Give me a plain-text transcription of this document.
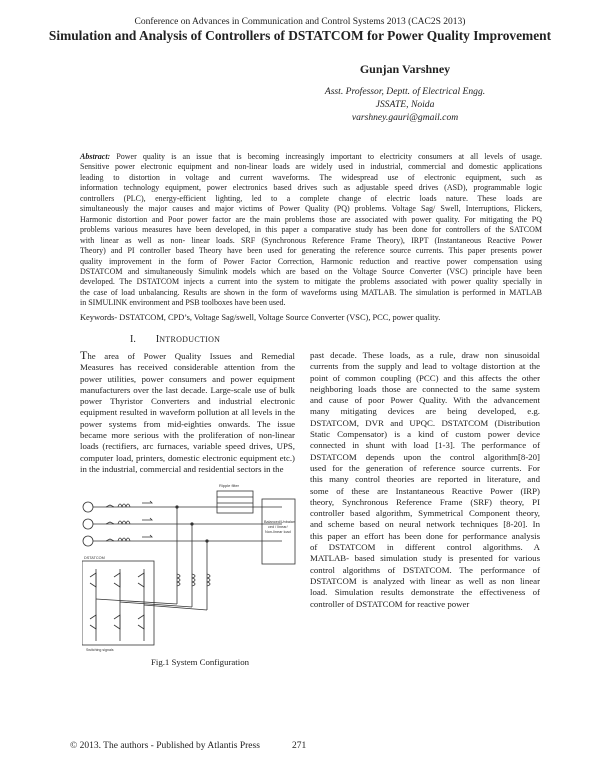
Conference on Advances in Communication and Control Systems 2013 (CAC2S 2013)
Simulation and Analysis of Controllers of DSTATCOM for Power Quality Improvement
Gunjan Varshney
Asst. Professor, Deptt. of Electrical Engg.
JSSATE, Noida
varshney.gauri@gmail.com
Abstract: Power quality is an issue that is becoming increasingly important to electricity consumers at all levels of usage.
Sensitive power electronic equipment and non-linear loads are widely used in industrial, commercial and domestic applications
leading to distortion in voltage and current waveforms. The widespread use of electronic equipment, such as
information technology equipment, power electronics based drives such as adjustable speed drives (ASD), programmable logic
controllers (PLC), energy-efficient lighting, led to a complete change of electric loads nature. These loads are
simultaneously the major causes and major victims of Power Quality (PQ) problems. Voltage Sag/ Swell, Interruptions, Flickers,
Harmonic distortion and Poor power factor are the main problems those are associated with power quality. For mitigating the PQ
problems various measures have been developed, in this paper a comparative study has been done for controllers of the SATCOM
with linear as well as non- linear loads. SRF (Synchronous Reference Frame Theory), IRPT (Instantaneous Reactive Power
Theory) and PI controller based Theory have been used for generating the reference source currents. This paper presents power
quality improvement in the form of Power Factor Correction, Harmonic reduction and reactive power compensation using
DSTATCOM and simultaneously Simulink models which are based on the Voltage Source Converter (VSC) principle have been
developed. The DSTATCOM injects a current into the system to mitigate the problems associated with power quality specially in
the case of load unbalancing. Results are shown in the form of waveforms using MATLAB. The simulation is performed in MATLAB
in SIMULINK environment and PSB toolboxes have been used.
Keywords- DSTATCOM, CPD’s, Voltage Sag/swell, Voltage Source Converter (VSC), PCC, power quality.
I. INTRODUCTION
The area of Power Quality Issues and Remedial
Measures has received considerable attention from the
power utilities, power consumers and power equipment
manufacturers over the last decade. Large-scale use of bulk
power Thyristor Converters and industrial electronic
equipment resulted in waveform pollution at all levels in the
power systems from mid-eighties onwards. The issue
became more serious with the proliferation of non-linear
loads (rectifiers, arc furnaces, variable speed drives, UPS,
computer load, printers, domestic electronic equipment etc.)
in the industrial, commercial and residential sectors in the
past decade. These loads, as a rule, draw non sinusoidal
currents from the supply and lead to voltage distortion at the
point of common coupling (PCC) and this affects the other
neighboring loads those are connected to the same system
and cause of poor Power Quality. With the advancement
many mitigating devices are being developed, e.g.
DSTATCOM, DVR and UPQC. DSTATCOM (Distribution
Static Compensator) is a kind of custom power device
connected in shunt with load [1-3]. The performance of
DSTATCOM depends upon the control algorithm[8-20]
used for the generation of reference source currents. For
this many control theories are reported in literature, and
some of these are Instantaneous Reactive Power (IRP)
theory, Synchronous Reference Frame (SRF) theory, PI
controller based algorithm, Symmetrical Component theory,
and scheme based on neural network techniques [8-20]. In
this paper an effort has been done for performance analysis
of DSTATCOM in different control algorithms. A
MATLAB- based simulation study is presented for various
control algorithms of DSTATCOM. The performance of
DSTATCOM is analyzed with linear as well as non linear
load. Simulation results demonstrate the effectiveness of
controller of DSTATCOM for reactive power
Ripple filter
Balanced/Unbalan
ced / linear/
Non-linear load
DSTATCOM
Switching signals
Fig.1 System Configuration
© 2013. The authors - Published by Atlantis Press	271
